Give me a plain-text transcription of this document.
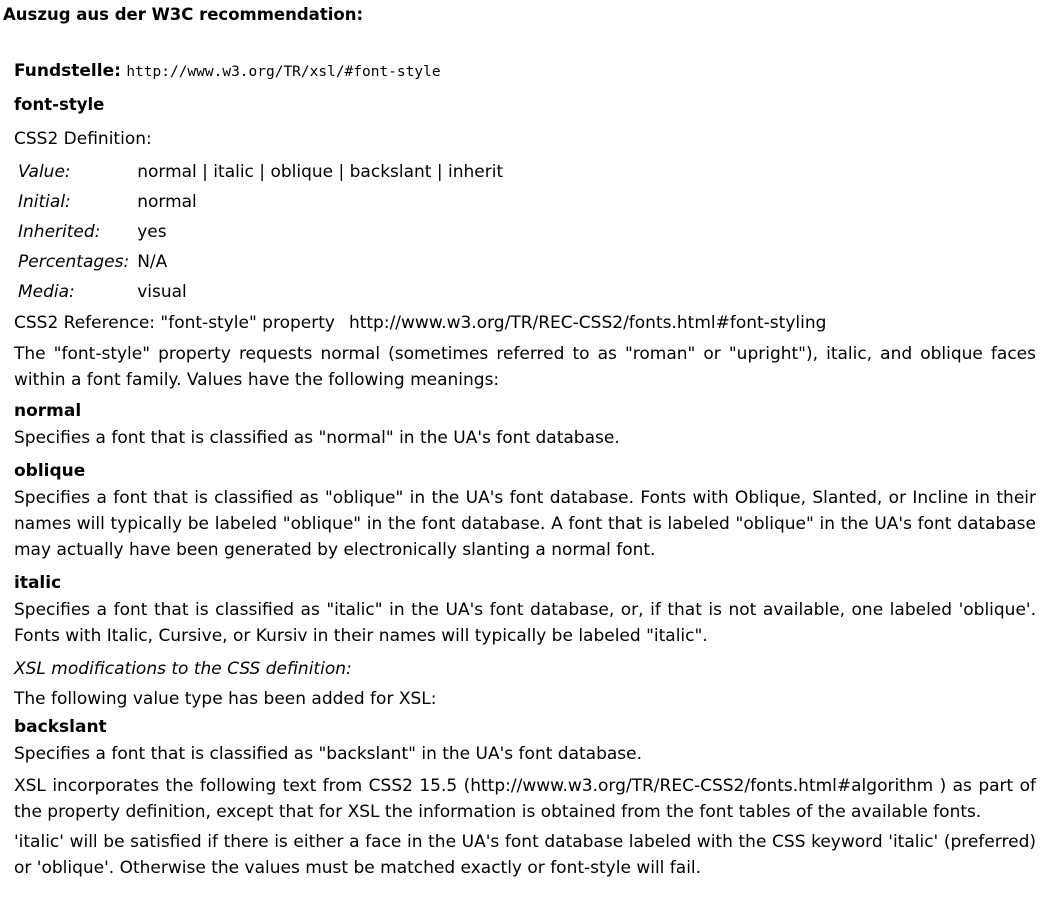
Auszug aus der W3C recommendation:
Fundstelle: http://www.w3.org/TR/xsl/#font-style
font-style
CSS2 Definition:
Value:	normal | italic | oblique | backslant | inherit
Initial:	normal
Inherited:	yes
Percentages:	N/A
Media:	visual
CSS2 Reference: "font-style" property http://www.w3.org/TR/REC-CSS2/fonts.html#font-styling

The "font-style" property requests normal (sometimes referred to as "roman" or "upright"), italic, and oblique faces within a font family. Values have the following meanings:

normal

Specifies a font that is classified as "normal" in the UA's font database.

oblique

Specifies a font that is classified as "oblique" in the UA's font database. Fonts with Oblique, Slanted, or Incline in their names will typically be labeled "oblique" in the font database. A font that is labeled "oblique" in the UA's font database may actually have been generated by electronically slanting a normal font.

italic

Specifies a font that is classified as "italic" in the UA's font database, or, if that is not available, one labeled 'oblique'. Fonts with Italic, Cursive, or Kursiv in their names will typically be labeled "italic".

XSL modifications to the CSS definition:
The following value type has been added for XSL:
backslant

Specifies a font that is classified as "backslant" in the UA's font database.

XSL incorporates the following text from CSS2 15.5 (http://www.w3.org/TR/REC-CSS2/fonts.html#algorithm ) as part of the property definition, except that for XSL the information is obtained from the font tables of the available fonts.

'italic' will be satisfied if there is either a face in the UA's font database labeled with the CSS keyword 'italic' (preferred) or 'oblique'. Otherwise the values must be matched exactly or font-style will fail.
